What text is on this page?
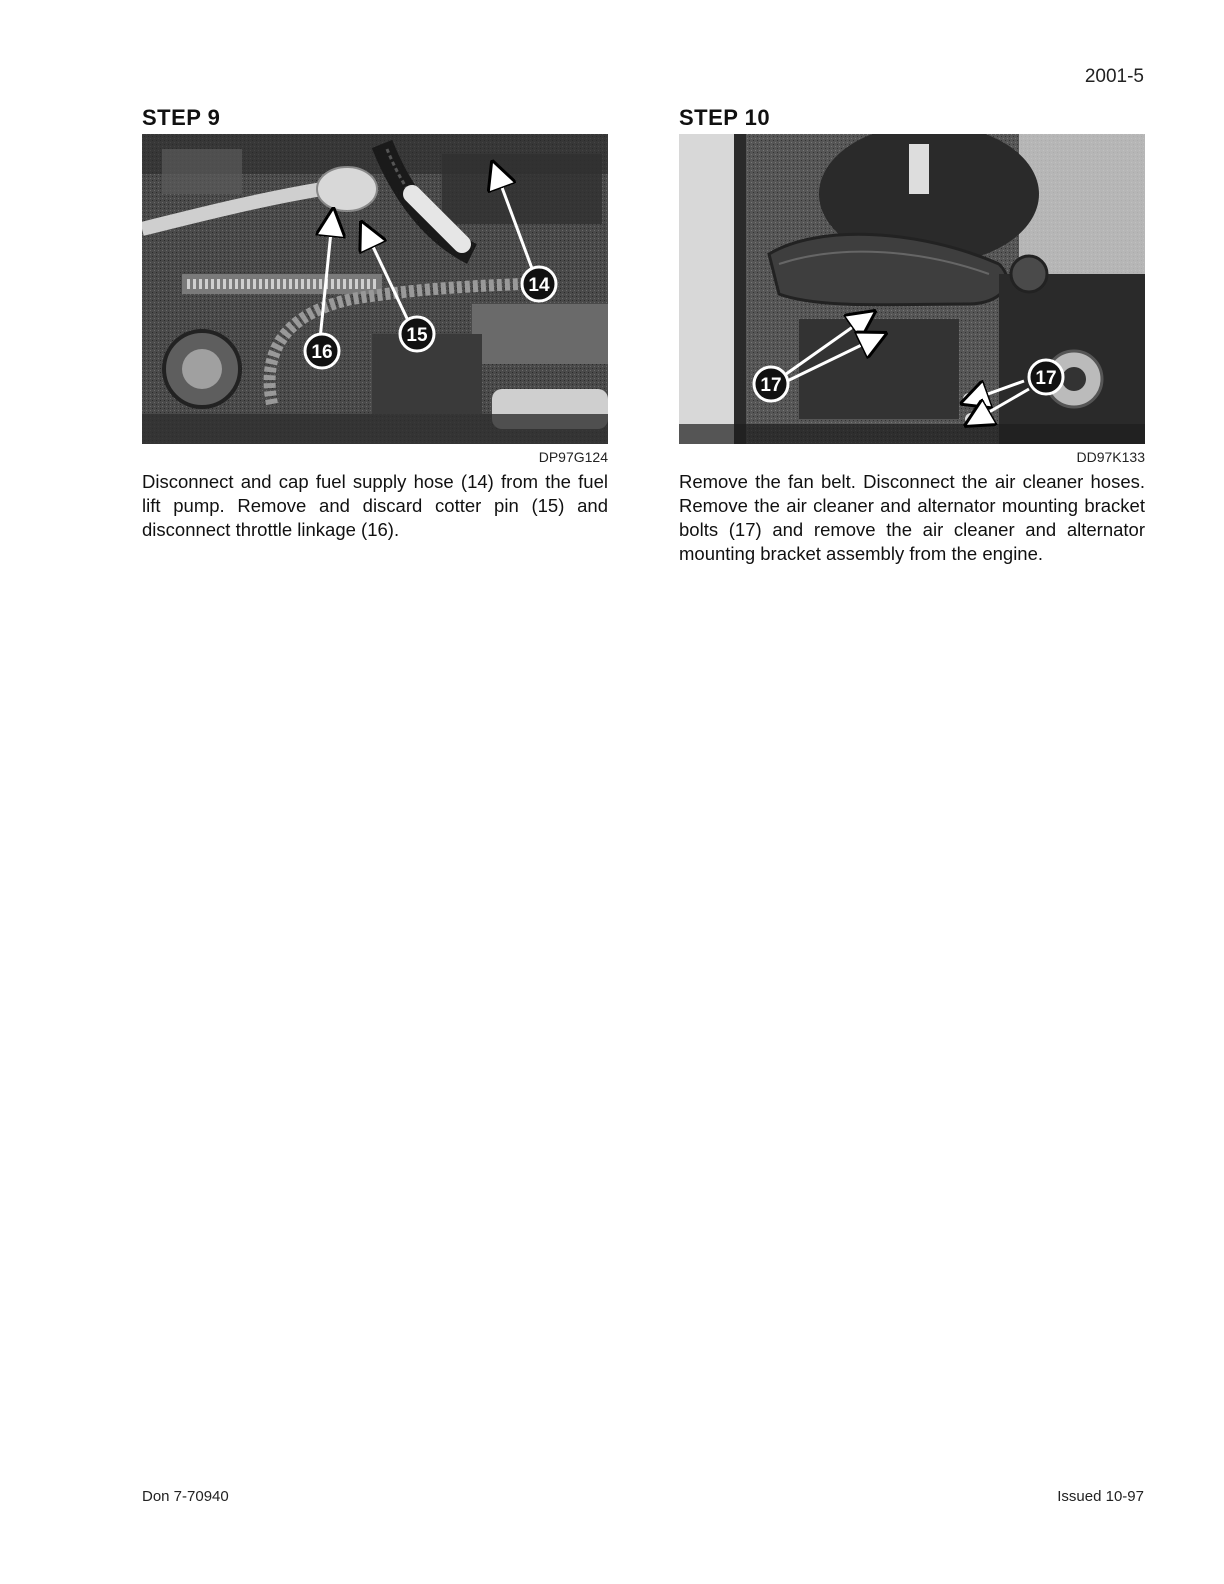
2001-5
STEP 9
14
15
16
DP97G124

Disconnect and cap fuel supply hose (14) from the fuel lift pump. Remove and discard cotter pin (15) and disconnect throttle linkage (16).

STEP 10
17	17
DD97K133

Remove the fan belt. Disconnect the air cleaner hoses. Remove the air cleaner and alternator mounting bracket bolts (17) and remove the air cleaner and alternator mounting bracket assembly from the engine.

Don 7-70940	Issued 10-97
